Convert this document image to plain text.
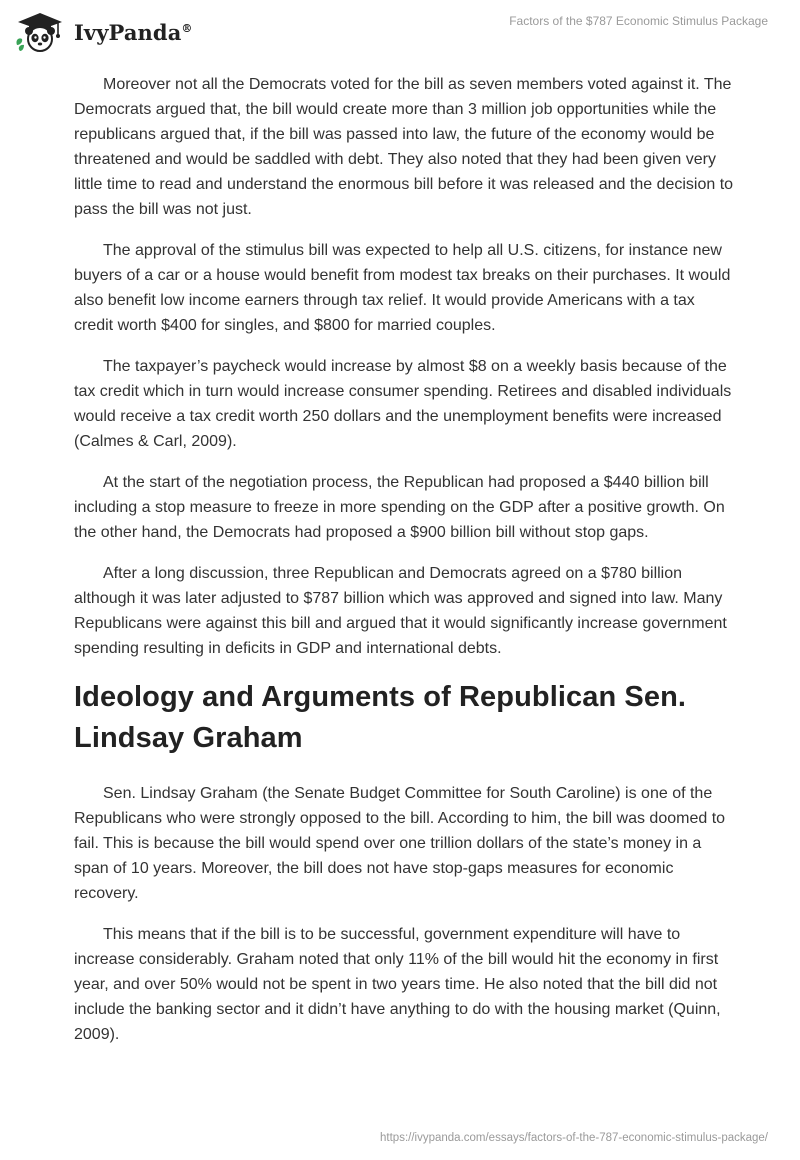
IvyPanda®	Factors of the $787 Economic Stimulus Package

Moreover not all the Democrats voted for the bill as seven members voted against it. The Democrats argued that, the bill would create more than 3 million job opportunities while the republicans argued that, if the bill was passed into law, the future of the economy would be threatened and would be saddled with debt. They also noted that they had been given very little time to read and understand the enormous bill before it was released and the decision to pass the bill was not just.

The approval of the stimulus bill was expected to help all U.S. citizens, for instance new buyers of a car or a house would benefit from modest tax breaks on their purchases. It would also benefit low income earners through tax relief. It would provide Americans with a tax credit worth $400 for singles, and $800 for married couples.

The taxpayer’s paycheck would increase by almost $8 on a weekly basis because of the tax credit which in turn would increase consumer spending. Retirees and disabled individuals would receive a tax credit worth 250 dollars and the unemployment benefits were increased (Calmes & Carl, 2009).

At the start of the negotiation process, the Republican had proposed a $440 billion bill including a stop measure to freeze in more spending on the GDP after a positive growth. On the other hand, the Democrats had proposed a $900 billion bill without stop gaps.

After a long discussion, three Republican and Democrats agreed on a $780 billion although it was later adjusted to $787 billion which was approved and signed into law. Many Republicans were against this bill and argued that it would significantly increase government spending resulting in deficits in GDP and international debts.

Ideology and Arguments of Republican Sen. Lindsay Graham

Sen. Lindsay Graham (the Senate Budget Committee for South Caroline) is one of the Republicans who were strongly opposed to the bill. According to him, the bill was doomed to fail. This is because the bill would spend over one trillion dollars of the state’s money in a span of 10 years. Moreover, the bill does not have stop-gaps measures for economic recovery.

This means that if the bill is to be successful, government expenditure will have to increase considerably. Graham noted that only 11% of the bill would hit the economy in first year, and over 50% would not be spent in two years time. He also noted that the bill did not include the banking sector and it didn’t have anything to do with the housing market (Quinn, 2009).

https://ivypanda.com/essays/factors-of-the-787-economic-stimulus-package/
